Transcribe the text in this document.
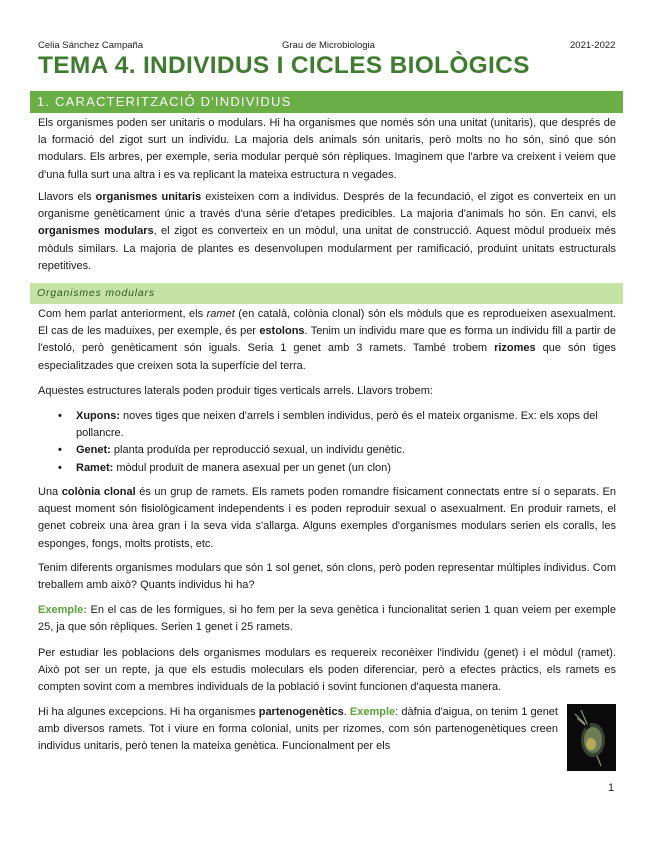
Celia Sánchez Campaña	Grau de Microbiologia	2021-2022
TEMA 4. INDIVIDUS I CICLES BIOLÒGICS
1. CARACTERITZACIÓ D'INDIVIDUS

Els organismes poden ser unitaris o modulars. Hi ha organismes que només són una unitat (unitaris), que després de la formació del zigot surt un individu. La majoria dels animals són unitaris, però molts no ho són, sinó que són modulars. Els arbres, per exemple, seria modular perquè són rèpliques. Imaginem que l'arbre va creixent i veiem que d'una fulla surt una altra i es va replicant la mateixa estructura n vegades.

Llavors els organismes unitaris existeixen com a individus. Després de la fecundació, el zigot es converteix en un organisme genèticament únic a través d'una sèrie d'etapes predicibles. La majoria d'animals ho són. En canvi, els organismes modulars, el zigot es converteix en un mòdul, una unitat de construcció. Aquest mòdul produeix més mòduls similars. La majoria de plantes es desenvolupen modularment per ramificació, produint unitats estructurals repetitives.

Organismes modulars

Com hem parlat anteriorment, els ramet (en català, colònia clonal) són els mòduls que es reprodueixen asexualment. El cas de les maduixes, per exemple, és per estolons. Tenim un individu mare que es forma un individu fill a partir de l'estoló, però genèticament són iguals. Seria 1 genet amb 3 ramets. També trobem rizomes que són tiges especialitzades que creixen sota la superfície del terra.

Aquestes estructures laterals poden produir tiges verticals arrels. Llavors trobem:

• Xupons: noves tiges que neixen d'arrels i semblen individus, però és el mateix organisme. Ex: els xops del pollancre.
• Genet: planta produïda per reproducció sexual, un individu genètic.
• Ramet: mòdul produït de manera asexual per un genet (un clon)

Una colònia clonal és un grup de ramets. Els ramets poden romandre físicament connectats entre sí o separats. En aquest moment són fisiològicament independents i es poden reproduir sexual o asexualment. En produir ramets, el genet cobreix una àrea gran i la seva vida s'allarga. Alguns exemples d'organismes modulars serien els coralls, les esponges, fongs, molts protists, etc.

Tenim diferents organismes modulars que són 1 sol genet, són clons, però poden representar múltiples individus. Com treballem amb això? Quants individus hi ha?

Exemple: En el cas de les formigues, si ho fem per la seva genètica i funcionalitat serien 1 quan veiem per exemple 25, ja que són rèpliques. Serien 1 genet i 25 ramets.

Per estudiar les poblacions dels organismes modulars es requereix reconèixer l'individu (genet) i el mòdul (ramet). Això pot ser un repte, ja que els estudis moleculars els poden diferenciar, però a efectes pràctics, els ramets es compten sovint com a membres individuals de la població i sovint funcionen d'aquesta manera.

Hi ha algunes excepcions. Hi ha organismes partenogenètics. Exemple: dàfnia d'aigua, on tenim 1 genet amb diversos ramets. Tot i viure en forma colonial, units per rizomes, com són partenogenètiques creen individus unitaris, però tenen la mateixa genètica. Funcionalment per els

1
